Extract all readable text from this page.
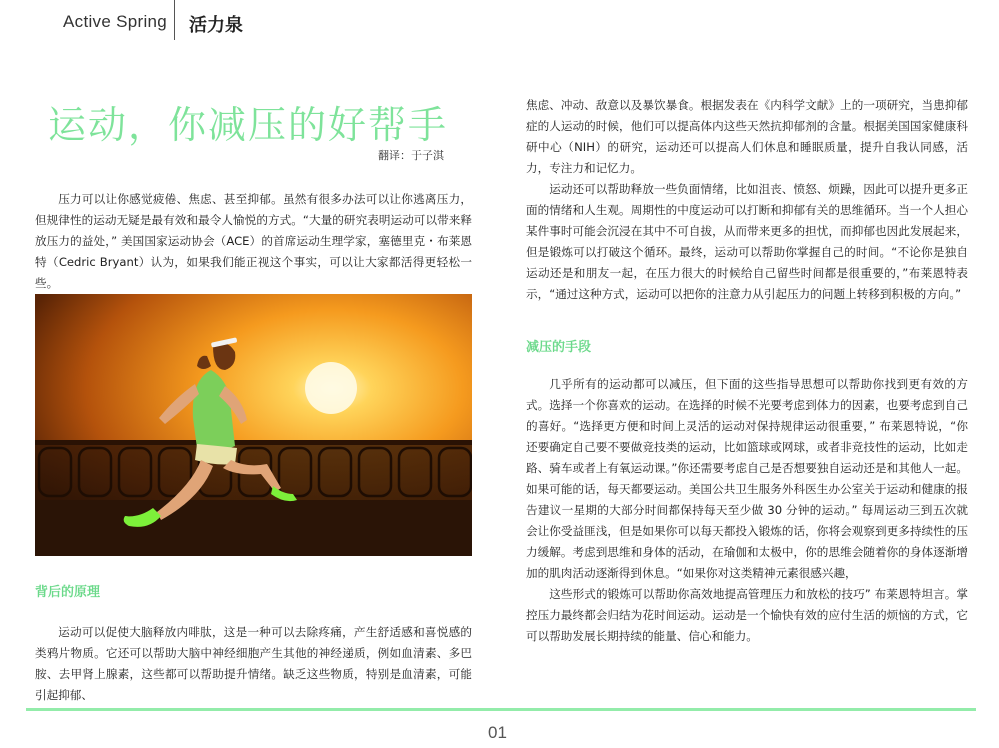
Active Spring 活力泉
运动，你减压的好帮手
翻译：于子淇

压力可以让你感觉疲倦、焦虑、甚至抑郁。虽然有很多办法可以让你逃离压力，但规律性的运动无疑是最有效和最令人愉悦的方式。“大量的研究表明运动可以带来释放压力的益处，” 美国国家运动协会（ACE）的首席运动生理学家，塞德里克・布莱恩特（Cedric Bryant）认为，如果我们能正视这个事实，可以让大家都活得更轻松一些。

背后的原理

运动可以促使大脑释放内啡肽，这是一种可以去除疼痛，产生舒适感和喜悦感的类鸦片物质。它还可以帮助大脑中神经细胞产生其他的神经递质，例如血清素、多巴胺、去甲肾上腺素，这些都可以帮助提升情绪。缺乏这些物质，特别是血清素，可能引起抑郁、

焦虑、冲动、敌意以及暴饮暴食。根据发表在《内科学文献》上的一项研究，当患抑郁症的人运动的时候，他们可以提高体内这些天然抗抑郁剂的含量。根据美国国家健康科研中心（NIH）的研究，运动还可以提高人们休息和睡眠质量，提升自我认同感，活力，专注力和记忆力。

运动还可以帮助释放一些负面情绪，比如沮丧、愤怒、烦躁，因此可以提升更多正面的情绪和人生观。周期性的中度运动可以打断和抑郁有关的思维循环。当一个人担心某件事时可能会沉浸在其中不可自拔，从而带来更多的担忧，而抑郁也因此发展起来，但是锻炼可以打破这个循环。最终，运动可以帮助你掌握自己的时间。“不论你是独自运动还是和朋友一起，在压力很大的时候给自己留些时间都是很重要的，”布莱恩特表示，“通过这种方式，运动可以把你的注意力从引起压力的问题上转移到积极的方向。”

减压的手段

几乎所有的运动都可以减压，但下面的这些指导思想可以帮助你找到更有效的方式。选择一个你喜欢的运动。在选择的时候不光要考虑到体力的因素，也要考虑到自己的喜好。“选择更方便和时间上灵活的运动对保持规律运动很重要，” 布莱恩特说，“你还要确定自己要不要做竞技类的运动，比如篮球或网球，或者非竞技性的运动，比如走路、骑车或者上有氧运动课。”你还需要考虑自己是否想要独自运动还是和其他人一起。如果可能的话，每天都要运动。美国公共卫生服务外科医生办公室关于运动和健康的报告建议一星期的大部分时间都保持每天至少做 30 分钟的运动。” 每周运动三到五次就会让你受益匪浅，但是如果你可以每天都投入锻炼的话，你将会观察到更多持续性的压力缓解。考虑到思维和身体的活动，在瑜伽和太极中，你的思维会随着你的身体逐渐增加的肌肉活动逐渐得到休息。“如果你对这类精神元素很感兴趣，

这些形式的锻炼可以帮助你高效地提高管理压力和放松的技巧” 布莱恩特坦言。掌控压力最终都会归结为花时间运动。运动是一个愉快有效的应付生活的烦恼的方式，它可以帮助发展长期持续的能量、信心和能力。

01
